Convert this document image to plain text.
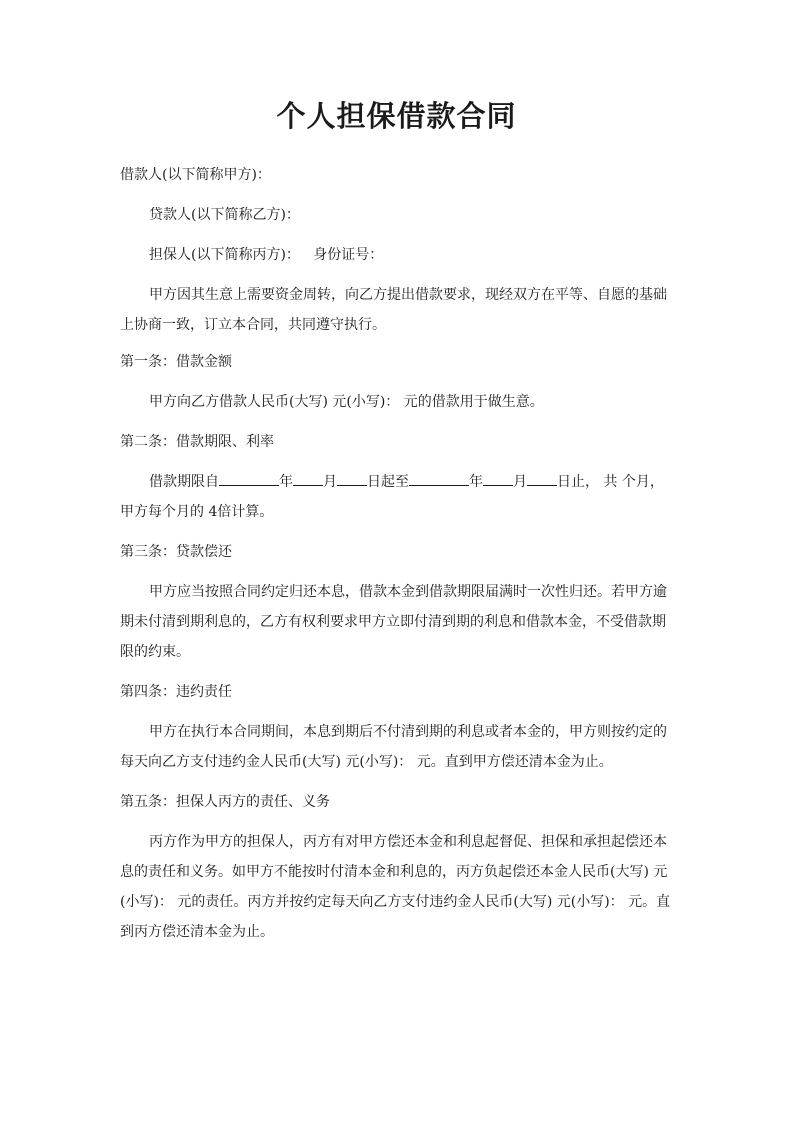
个人担保借款合同

借款人(以下简称甲方)：

贷款人(以下简称乙方)：

担保人(以下简称丙方)： 身份证号：

甲方因其生意上需要资金周转，向乙方提出借款要求，现经双方在平等、自愿的基础上协商一致，订立本合同，共同遵守执行。

第一条：借款金额

甲方向乙方借款人民币(大写) 元(小写)： 元的借款用于做生意。

第二条：借款期限、利率

借款期限自	年 月 日起至	年 月 日止， 共 个月，

甲方每个月的 4倍计算。

第三条：贷款偿还

甲方应当按照合同约定归还本息，借款本金到借款期限届满时一次性归还。若甲方逾期未付清到期利息的，乙方有权利要求甲方立即付清到期的利息和借款本金，不受借款期限的约束。

第四条：违约责任

甲方在执行本合同期间，本息到期后不付清到期的利息或者本金的，甲方则按约定的每天向乙方支付违约金人民币(大写) 元(小写)： 元。直到甲方偿还清本金为止。

第五条：担保人丙方的责任、义务

丙方作为甲方的担保人，丙方有对甲方偿还本金和利息起督促、担保和承担起偿还本息的责任和义务。如甲方不能按时付清本金和利息的，丙方负起偿还本金人民币(大写) 元(小写)： 元的责任。丙方并按约定每天向乙方支付违约金人民币(大写) 元(小写)： 元。直到丙方偿还清本金为止。
